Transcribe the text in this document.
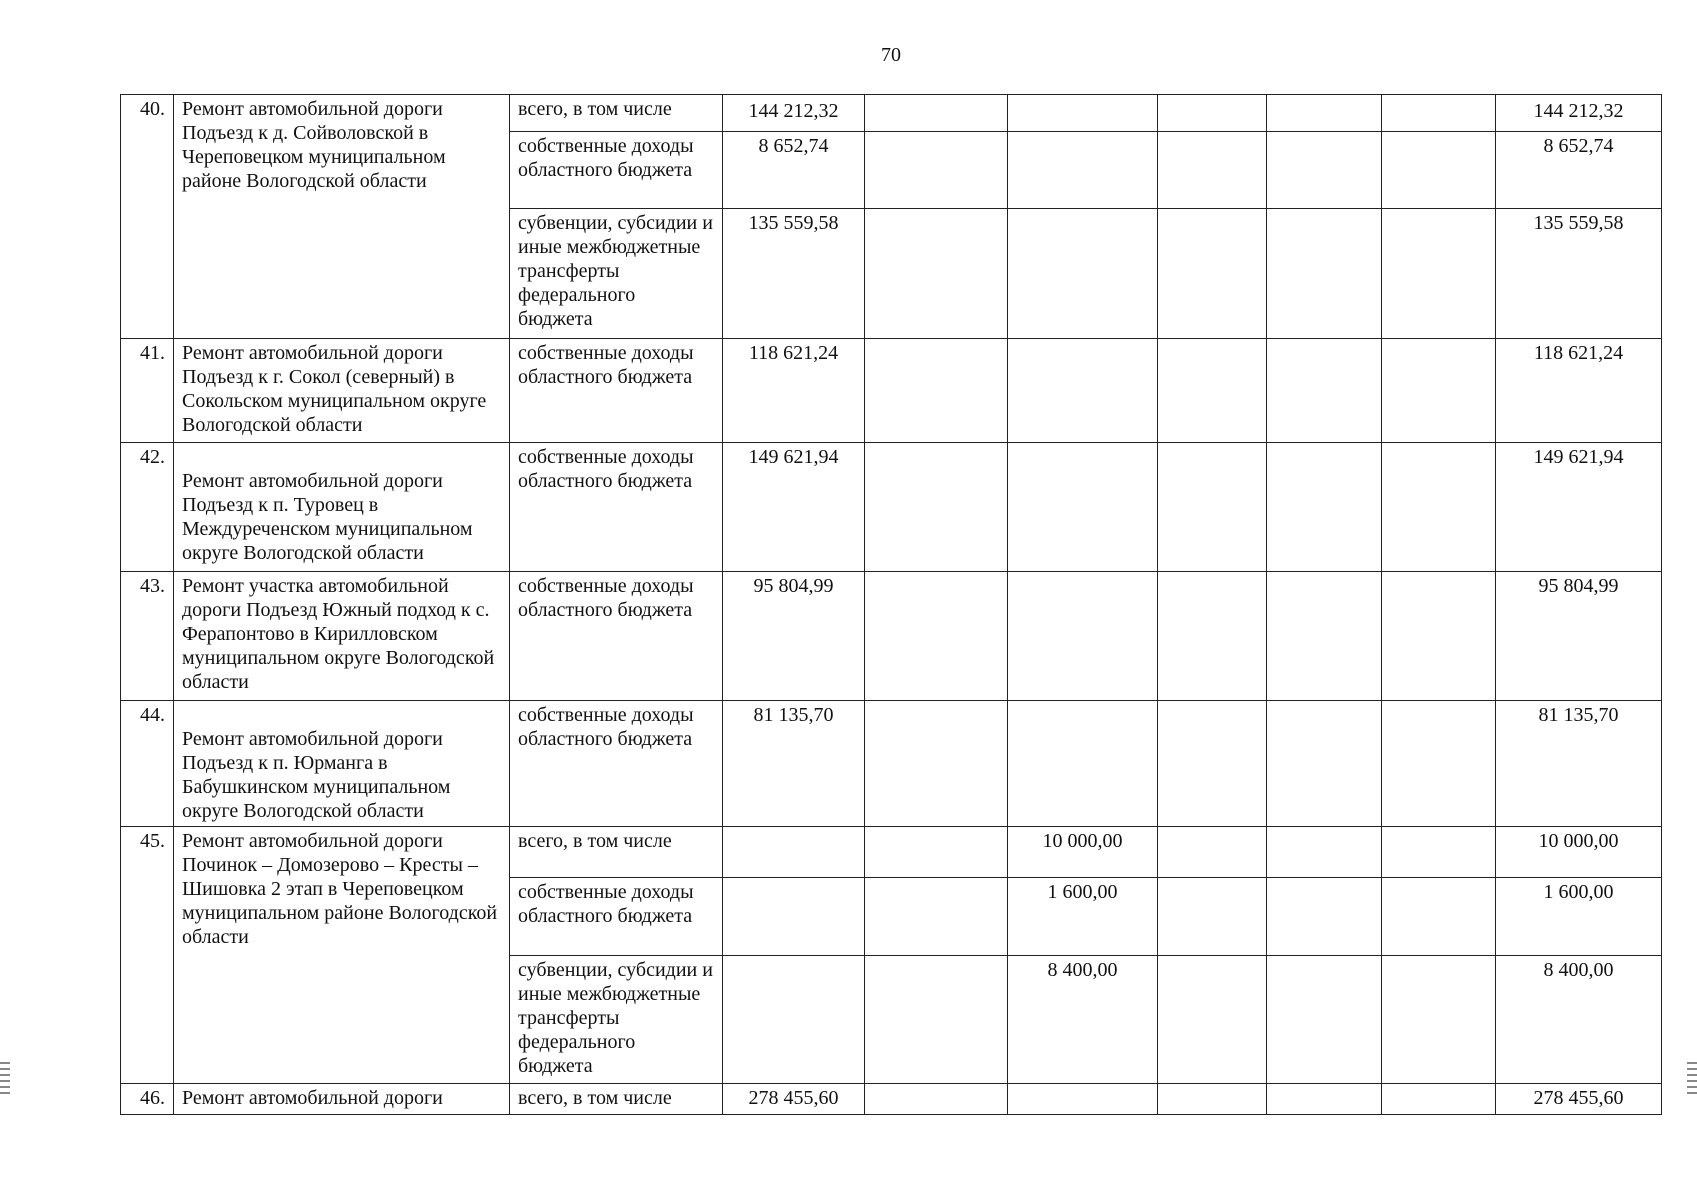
70
40.	Ремонт автомобильной дороги Подъезд к д. Сойволовской в Череповецком муниципальном районе Вологодской области	всего, в том числе	144 212,32						144 212,32
		собственные доходы областного бюджета	8 652,74						8 652,74
		субвенции, субсидии и иные межбюджетные трансферты федерального бюджета	135 559,58						135 559,58
41.	Ремонт автомобильной дороги Подъезд к г. Сокол (северный) в Сокольском муниципальном округе Вологодской области	собственные доходы областного бюджета	118 621,24						118 621,24
42.	Ремонт автомобильной дороги Подъезд к п. Туровец в Междуреченском муниципальном округе Вологодской области	собственные доходы областного бюджета	149 621,94						149 621,94
43.	Ремонт участка автомобильной дороги Подъезд Южный подход к с. Ферапонтово в Кирилловском муниципальном округе Вологодской области	собственные доходы областного бюджета	95 804,99						95 804,99
44.	Ремонт автомобильной дороги Подъезд к п. Юрманга в Бабушкинском муниципальном округе Вологодской области	собственные доходы областного бюджета	81 135,70						81 135,70
45.	Ремонт автомобильной дороги Починок – Домозерово – Кресты – Шишовка 2 этап в Череповецком муниципальном районе Вологодской области	всего, в том числе			10 000,00				10 000,00
		собственные доходы областного бюджета			1 600,00				1 600,00
		субвенции, субсидии и иные межбюджетные трансферты федерального бюджета			8 400,00				8 400,00
46.	Ремонт автомобильной дороги	всего, в том числе	278 455,60						278 455,60
